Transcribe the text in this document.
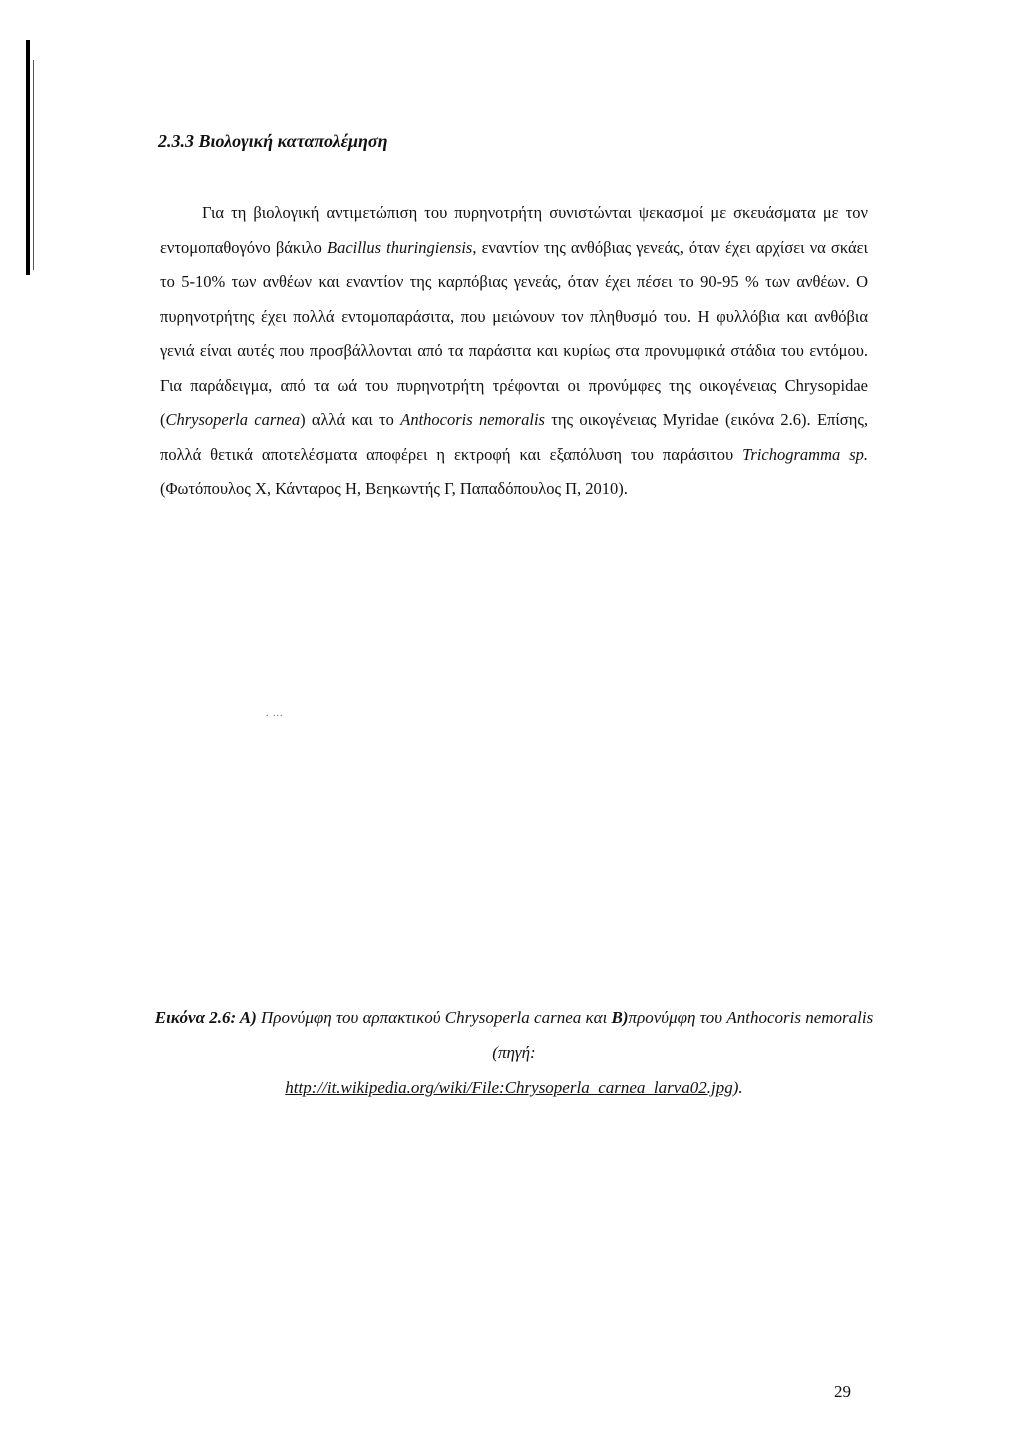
2.3.3 Βιολογική καταπολέμηση

Για τη βιολογική αντιμετώπιση του πυρηνοτρήτη συνιστώνται ψεκασμοί με σκευάσματα με τον εντομοπαθογόνο βάκιλο Bacillus thuringiensis, εναντίον της ανθόβιας γενεάς, όταν έχει αρχίσει να σκάει το 5-10% των ανθέων και εναντίον της καρπόβιας γενεάς, όταν έχει πέσει το 90-95 % των ανθέων. Ο πυρηνοτρήτης έχει πολλά εντομοπαράσιτα, που μειώνουν τον πληθυσμό του. Η φυλλόβια και ανθόβια γενιά είναι αυτές που προσβάλλονται από τα παράσιτα και κυρίως στα προνυμφικά στάδια του εντόμου. Για παράδειγμα, από τα ωά του πυρηνοτρήτη τρέφονται οι προνύμφες της οικογένειας Chrysopidae (Chrysoperla carnea) αλλά και το Anthocoris nemoralis της οικογένειας Myridae (εικόνα 2.6). Επίσης, πολλά θετικά αποτελέσματα αποφέρει η εκτροφή και εξαπόλυση του παράσιτου Trichogramma sp. (Φωτόπουλος Χ, Κάνταρος Η, Βεηκωντής Γ, Παπαδόπουλος Π, 2010).

. ...

Εικόνα 2.6: Α) Προνύμφη του αρπακτικού Chrysoperla carnea και Β)προνύμφη του Anthocoris nemoralis (πηγή:
http://it.wikipedia.org/wiki/File:Chrysoperla_carnea_larva02.jpg).

29
